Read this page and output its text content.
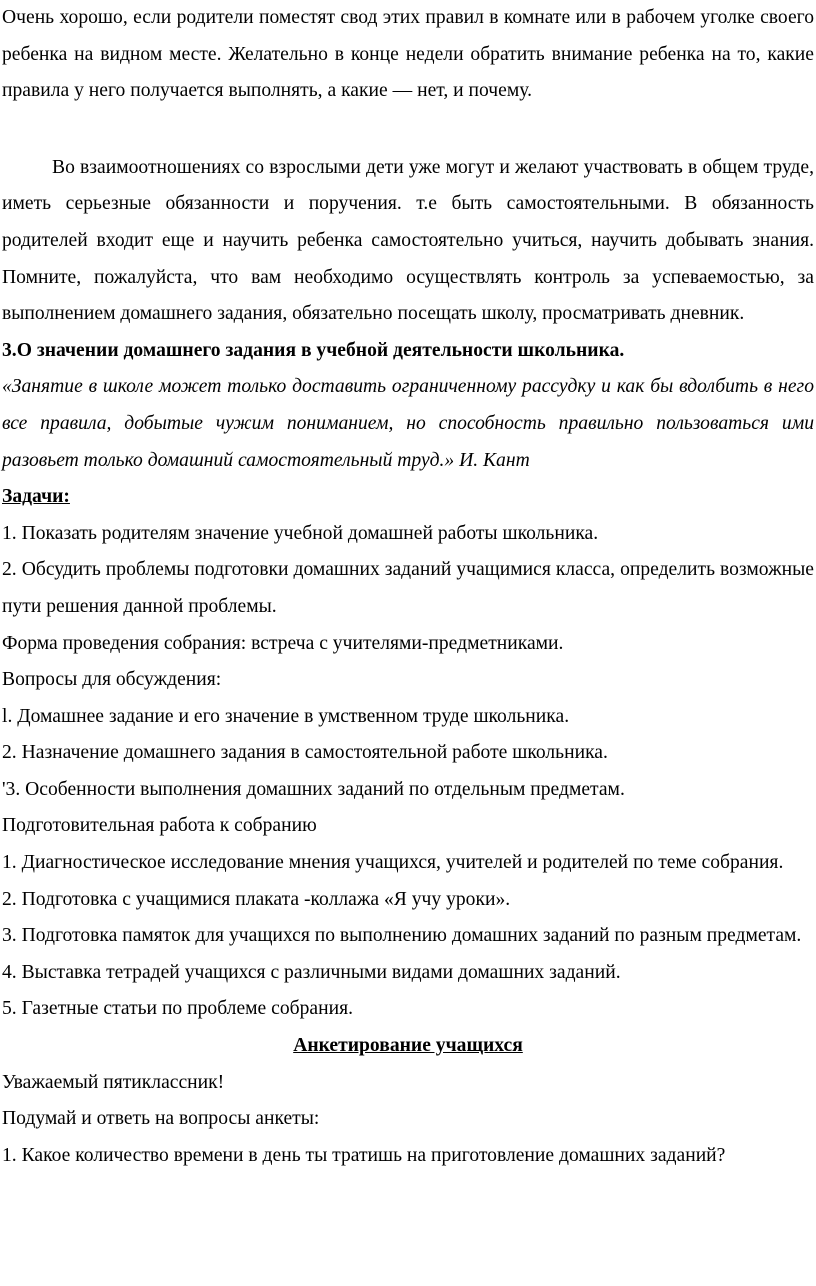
Очень хорошо, если родители поместят свод этих правил в комнате или в рабочем уголке своего ребенка на видном месте. Желательно в конце недели обратить внимание ребенка на то, какие правила у него получается выполнять, а какие — нет, и почему.

Во взаимоотношениях со взрослыми дети уже могут и желают участвовать в общем труде, иметь серьезные обязанности и поручения. т.е быть самостоятельными. В обязанность родителей входит еще и научить ребенка самостоятельно учиться, научить добывать знания. Помните, пожалуйста, что вам необходимо осуществлять контроль за успеваемостью, за выполнением домашнего задания, обязательно посещать школу, просматривать дневник.

3.О значении домашнего задания в учебной деятельности школьника.

«Занятие в школе может только доставить ограниченному рассудку и как бы вдолбить в него все правила, добытые чужим пониманием, но способность правильно пользоваться ими разовьет только домашний самостоятельный труд.» И. Кант

Задачи:

1. Показать родителям значение учебной домашней работы школьника.

2. Обсудить проблемы подготовки домашних заданий учащимися класса, определить возможные пути решения данной проблемы.

Форма проведения собрания: встреча с учителями-предметниками.

Вопросы для обсуждения:

l. Домашнее задание и его значение в умственном труде школьника.

2. Назначение домашнего задания в самостоятельной работе школьника.

'3. Особенности выполнения домашних заданий по отдельным предметам.

Подготовительная работа к собранию

1. Диагностическое исследование мнения учащихся, учителей и родителей по теме собрания.

2. Подготовка с учащимися плаката -коллажа «Я учу уроки».

3. Подготовка памяток для учащихся по выполнению домашних заданий по разным предметам.

4. Выставка тетрадей учащихся с различными видами домашних заданий.

5. Газетные статьи по проблеме собрания.

Анкетирование учащихся

Уважаемый пятиклассник!

Подумай и ответь на вопросы анкеты:

1. Какое количество времени в день ты тратишь на приготовление домашних заданий?
